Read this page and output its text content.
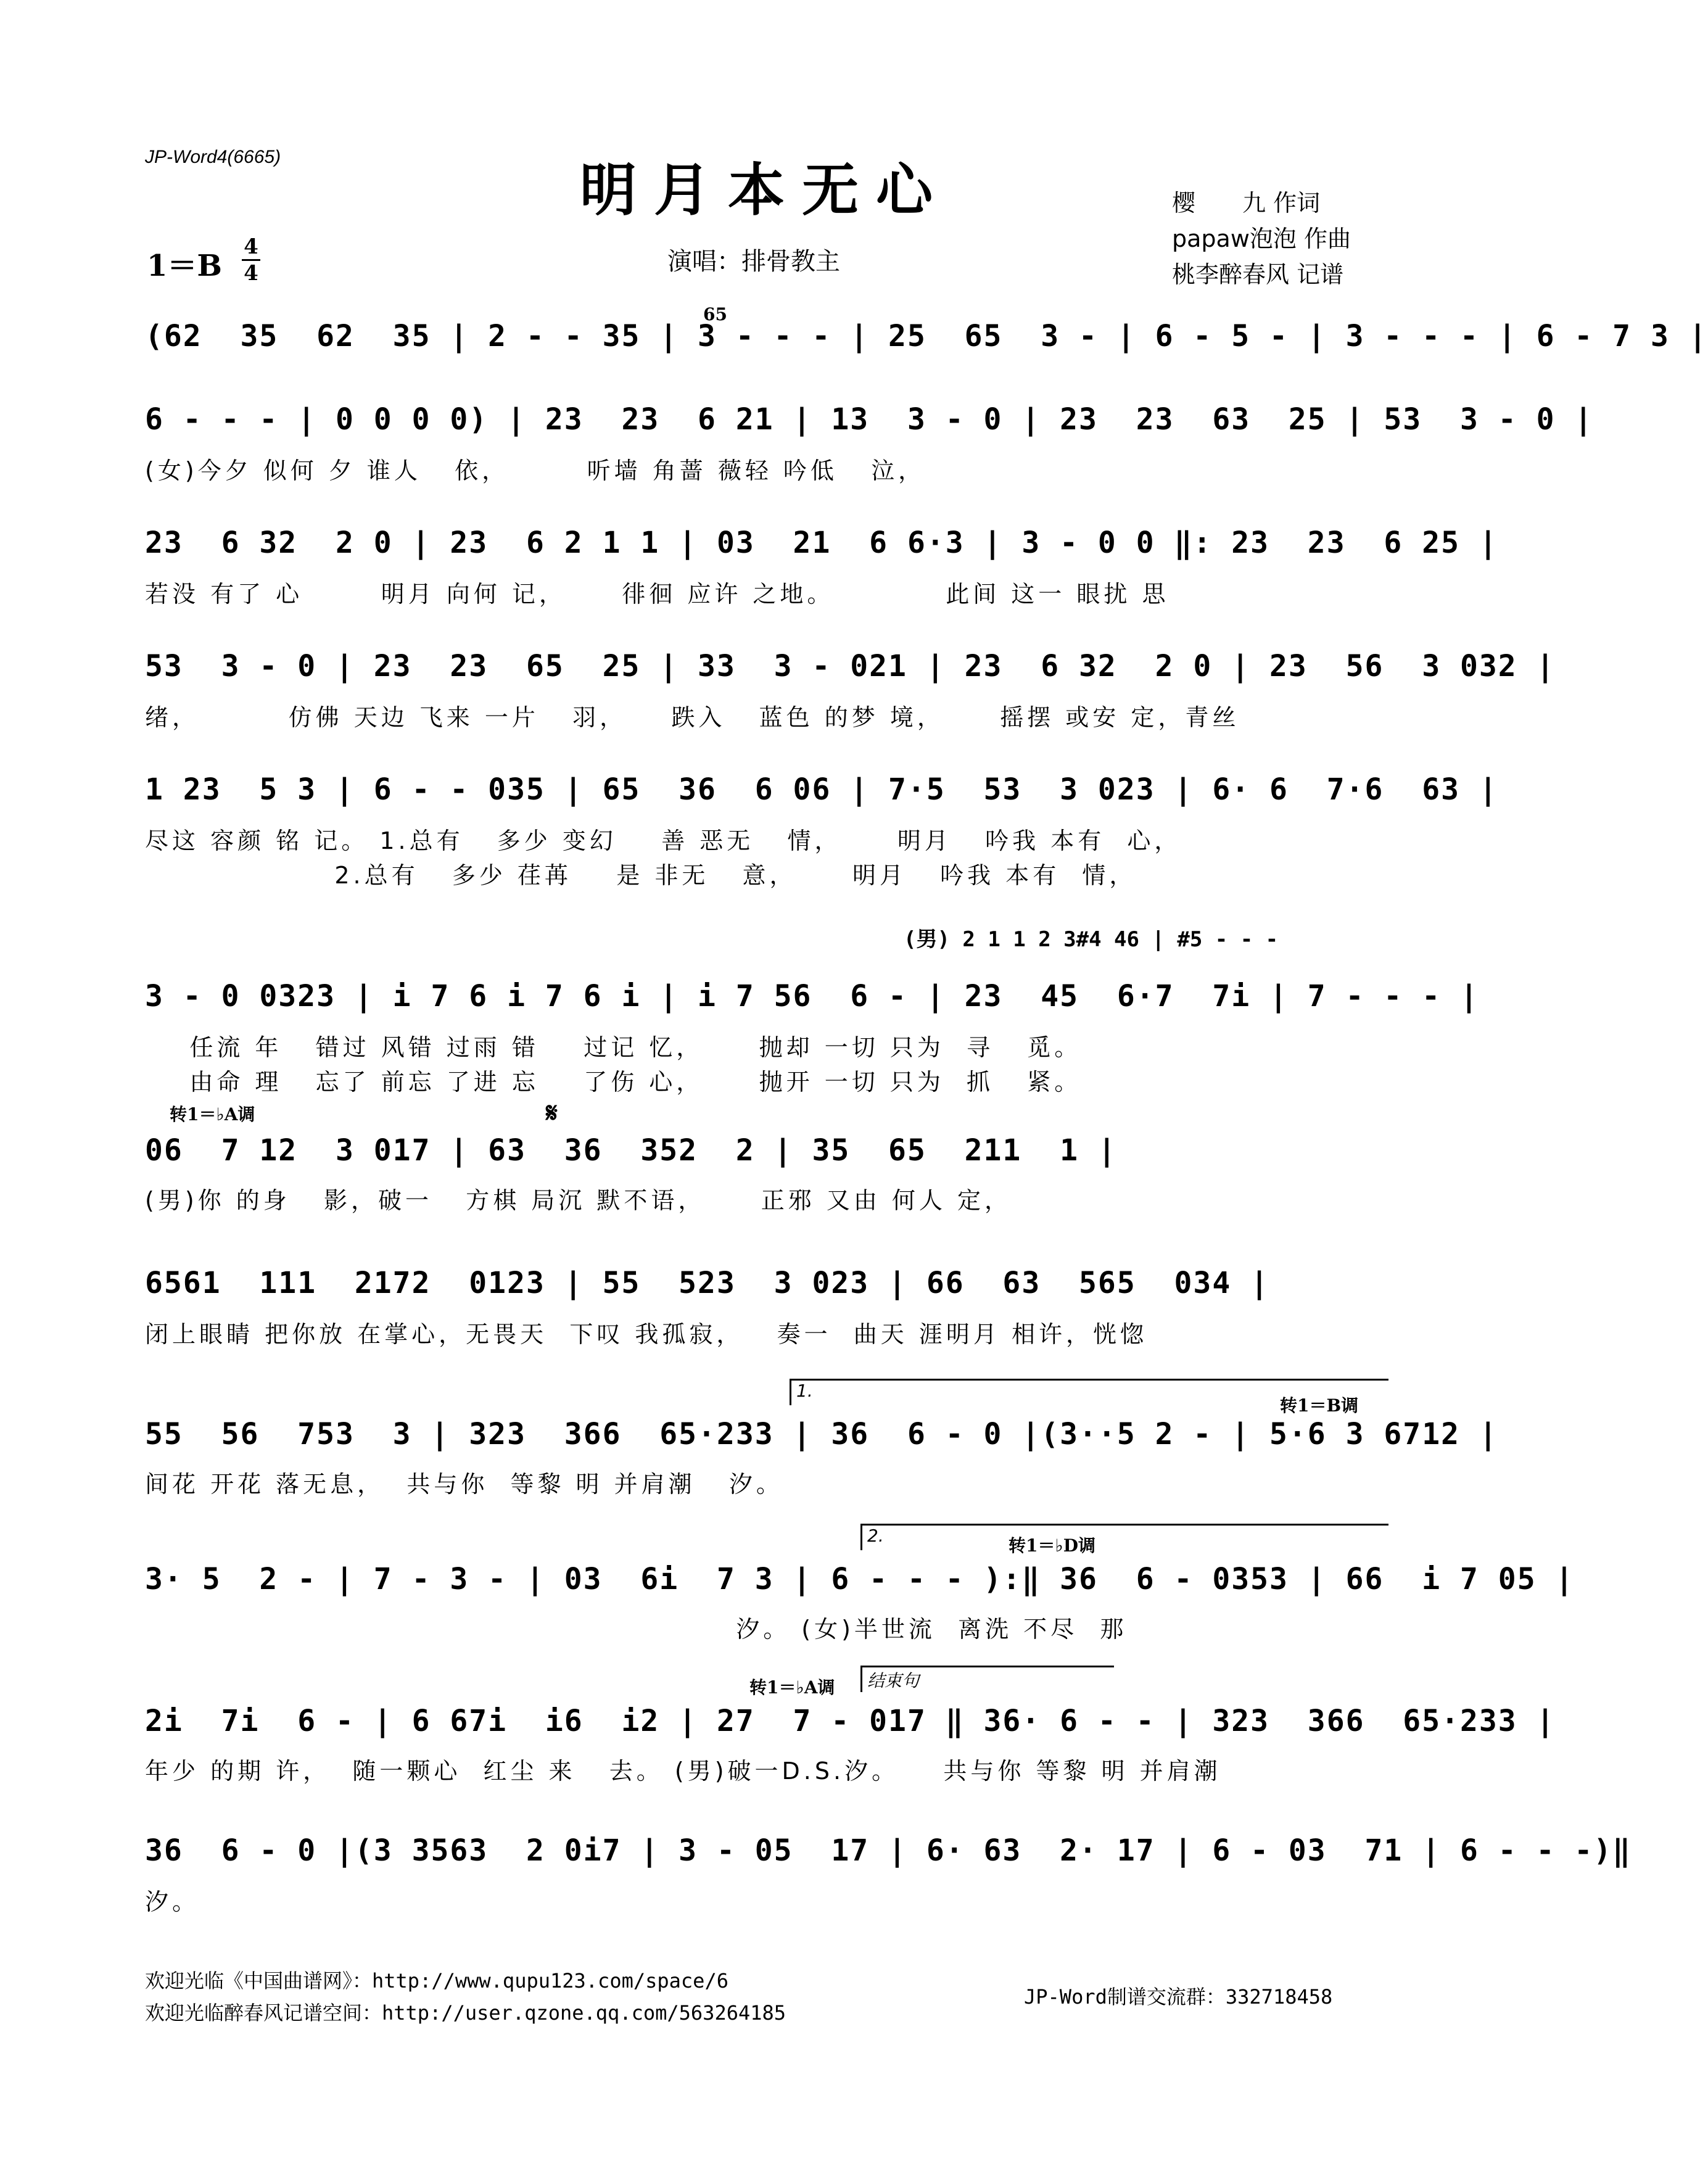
JP-Word4(6665)
明月本无心
1＝B
4
4	演唱：排骨教主
樱　　九 作词
papaw泡泡 作曲
桃李醉春风 记谱
65
(62  35  62  35 | 2 - - 35 | 3 - - - | 25  65  3 - | 6 - 5 - | 3 - - - | 6 - 7 3 |
6 - - - | 0 0 0 0) | 23  23  6 21 | 13  3 - 0 | 23  23  63  25 | 53  3 - 0 |
(女)今夕 似何 夕 谁人   依，       听墙 角蔷 薇轻 吟低   泣，
23  6 32  2 0 | 23  6 2 1 1 | 03  21  6 6·3 | 3 - 0 0 ‖: 23  23  6 25 |
若没 有了 心       明月 向何 记，     徘徊 应许 之地。          此间 这一 眼扰 思
53  3 - 0 | 23  23  65  25 | 33  3 - 021 | 23  6 32  2 0 | 23  56  3 032 |
绪，        仿佛 天边 飞来 一片   羽，    跌入   蓝色 的梦 境，     摇摆 或安 定，青丝
1 23  5 3 | 6 - - 035 | 65  36  6 06 | 7·5  53  3 023 | 6· 6  7·6  63 |
尽这 容颜 铭 记。 1.总有   多少 变幻    善 恶无   情，     明月   吟我 本有  心，
2.总有   多少 荏苒    是 非无   意，     明月   吟我 本有  情，
(男) 2 1 1 2 3#4 46 | #5 - - -
3 - 0 0323 | i 7 6 i 7 6 i | i 7 56  6 - | 23  45  6·7  7i | 7 - - - |
任流 年   错过 风错 过雨 错    过记 忆，     抛却 一切 只为  寻   觅。
由命 理   忘了 前忘 了进 忘    了伤 心，     抛开 一切 只为  抓   紧。
转1＝♭A调	𝄋
06  7 12  3 017 | 63  36  352  2 | 35  65  211  1 |
(男)你 的身   影，破一   方棋 局沉 默不语，     正邪 又由 何人 定，
6561  111  2172  0123 | 55  523  3 023 | 66  63  565  034 |
闭上眼睛 把你放 在掌心，无畏天  下叹 我孤寂，   奏一  曲天 涯明月 相许，恍惚
1.
转1＝B调
55  56  753  3 | 323  366  65·233 | 36  6 - 0 |(3··5 2 - | 5·6 3 6712 |
间花 开花 落无息，  共与你  等黎 明 并肩潮   汐。
2.	转1＝♭D调
3· 5  2 - | 7 - 3 - | 03  6i  7 3 | 6 - - - ):‖ 36  6 - 0353 | 66  i 7 05 |
汐。 (女)半世流  离洗 不尽  那
结束句
转1＝♭A调
2i  7i  6 - | 6 67i  i6  i2 | 27  7 - 017 ‖ 36· 6 - - | 323  366  65·233 |
年少 的期 许，  随一颗心  红尘 来   去。 (男)破一D.S.汐。    共与你 等黎 明 并肩潮
36  6 - 0 |(3 3563  2 0i7 | 3 - 05  17 | 6· 63  2· 17 | 6 - 03  71 | 6 - - -)‖
汐。
欢迎光临《中国曲谱网》：http://www.qupu123.com/space/6
欢迎光临醉春风记谱空间：http://user.qzone.qq.com/563264185
JP-Word制谱交流群：332718458
